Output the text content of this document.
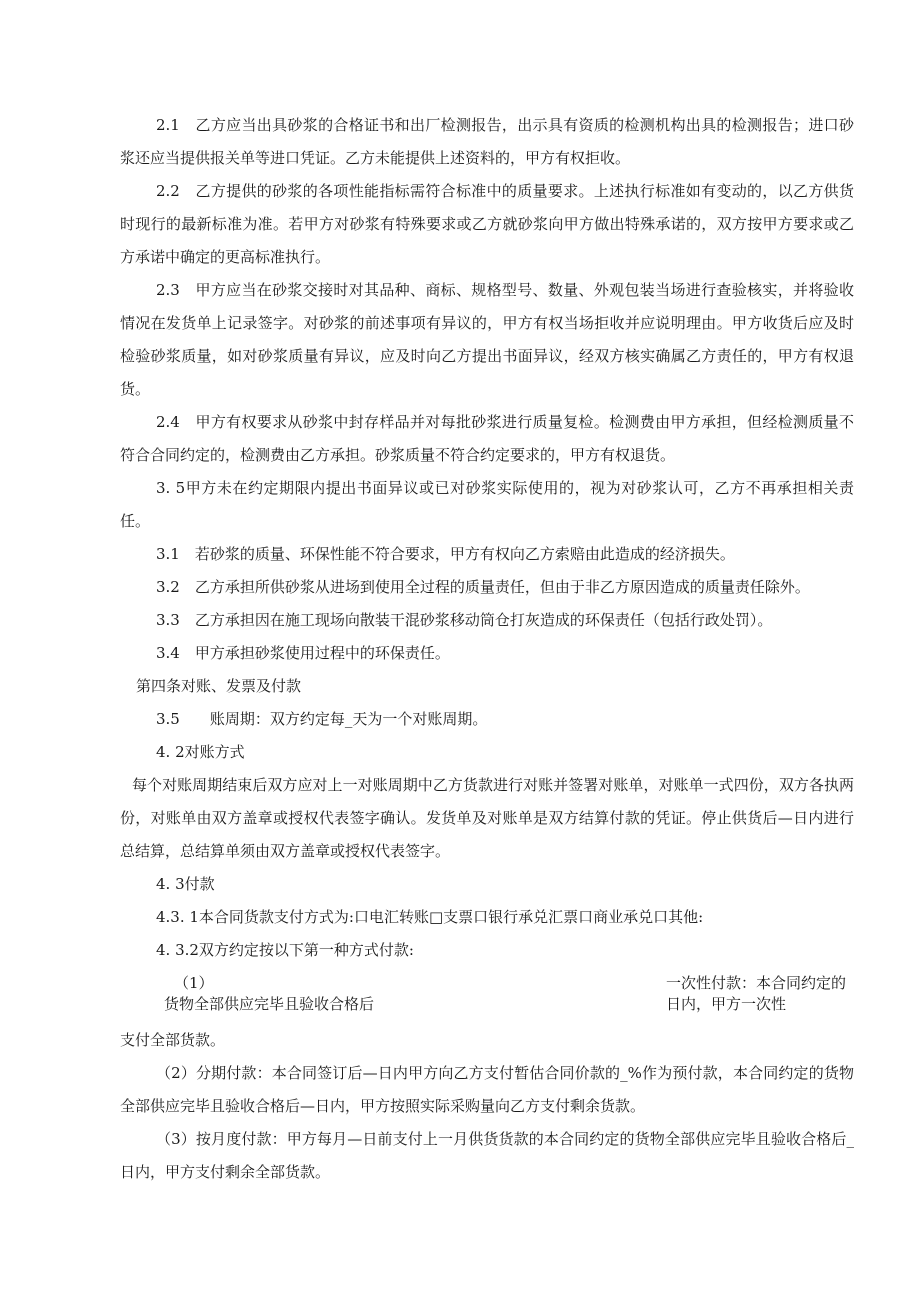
2.1　乙方应当出具砂浆的合格证书和出厂检测报告，出示具有资质的检测机构出具的检测报告；进口砂浆还应当提供报关单等进口凭证。乙方未能提供上述资料的，甲方有权拒收。

2.2　乙方提供的砂浆的各项性能指标需符合标准中的质量要求。上述执行标准如有变动的，以乙方供货时现行的最新标准为准。若甲方对砂浆有特殊要求或乙方就砂浆向甲方做出特殊承诺的，双方按甲方要求或乙方承诺中确定的更高标准执行。

2.3　甲方应当在砂浆交接时对其品种、商标、规格型号、数量、外观包装当场进行查验核实，并将验收情况在发货单上记录签字。对砂浆的前述事项有异议的，甲方有权当场拒收并应说明理由。甲方收货后应及时检验砂浆质量，如对砂浆质量有异议，应及时向乙方提出书面异议，经双方核实确属乙方责任的，甲方有权退货。

2.4　甲方有权要求从砂浆中封存样品并对每批砂浆进行质量复检。检测费由甲方承担，但经检测质量不符合合同约定的，检测费由乙方承担。砂浆质量不符合约定要求的，甲方有权退货。

3. 5甲方未在约定期限内提出书面异议或已对砂浆实际使用的，视为对砂浆认可，乙方不再承担相关责任。

3.1　若砂浆的质量、环保性能不符合要求，甲方有权向乙方索赔由此造成的经济损失。

3.2　乙方承担所供砂浆从进场到使用全过程的质量责任，但由于非乙方原因造成的质量责任除外。

3.3　乙方承担因在施工现场向散装干混砂浆移动筒仓打灰造成的环保责任（包括行政处罚）。

3.4　甲方承担砂浆使用过程中的环保责任。

第四条对账、发票及付款

3.5　　账周期：双方约定每_天为一个对账周期。

4. 2对账方式

每个对账周期结束后双方应对上一对账周期中乙方货款进行对账并签署对账单，对账单一式四份，双方各执两份，对账单由双方盖章或授权代表签字确认。发货单及对账单是双方结算付款的凭证。停止供货后—日内进行总结算，总结算单须由双方盖章或授权代表签字。

4. 3付款

4.3. 1本合同货款支付方式为:口电汇转账□支票口银行承兑汇票口商业承兑口其他:

4. 3.2双方约定按以下第一种方式付款:

（1）
货物全部供应完毕且验收合格后
一次性付款：本合同约定的
日内，甲方一次性

支付全部货款。

（2）分期付款：本合同签订后—日内甲方向乙方支付暂估合同价款的_%作为预付款，本合同约定的货物全部供应完毕且验收合格后—日内，甲方按照实际采购量向乙方支付剩余货款。

（3）按月度付款：甲方每月—日前支付上一月供货货款的本合同约定的货物全部供应完毕且验收合格后_日内，甲方支付剩余全部货款。
